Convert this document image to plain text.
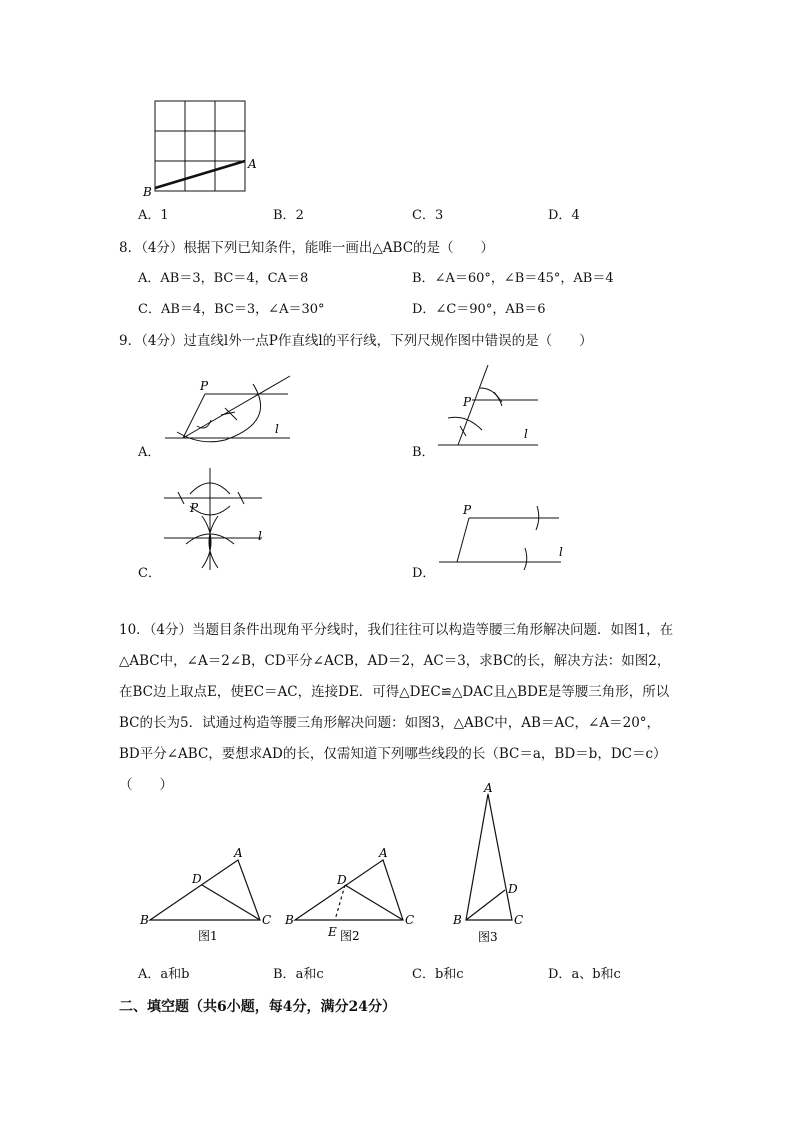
A
B
A．1	B．2	C．3	D．4
8．（4分）根据下列已知条件，能唯一画出△ABC的是（　　）
A．AB＝3，BC＝4，CA＝8	B．∠A＝60°，∠B＝45°，AB＝4
C．AB＝4，BC＝3，∠A＝30°	D．∠C＝90°，AB＝6
9．（4分）过直线l外一点P作直线l的平行线，下列尺规作图中错误的是（　　）
P
l
A．
P
l
B．
P
l
C．
P
l
D．
10．（4分）当题目条件出现角平分线时，我们往往可以构造等腰三角形解决问题．如图1，在△ABC中，∠A＝2∠B，CD平分∠ACB，AD＝2，AC＝3，求BC的长，解决方法：如图2，在BC边上取点E，使EC＝AC，连接DE．可得△DEC≌△DAC且△BDE是等腰三角形，所以BC的长为5．试通过构造等腰三角形解决问题：如图3，△ABC中，AB＝AC，∠A＝20°，BD平分∠ABC，要想求AD的长，仅需知道下列哪些线段的长（BC＝a，BD＝b，DC＝c）（　　）
A
B	C
D
图1
A
B	C
D
E 图2
A
B	C
D
图3
A．a和b	B．a和c	C．b和c	D．a、b和c
二、填空题（共6小题，每4分，满分24分）
